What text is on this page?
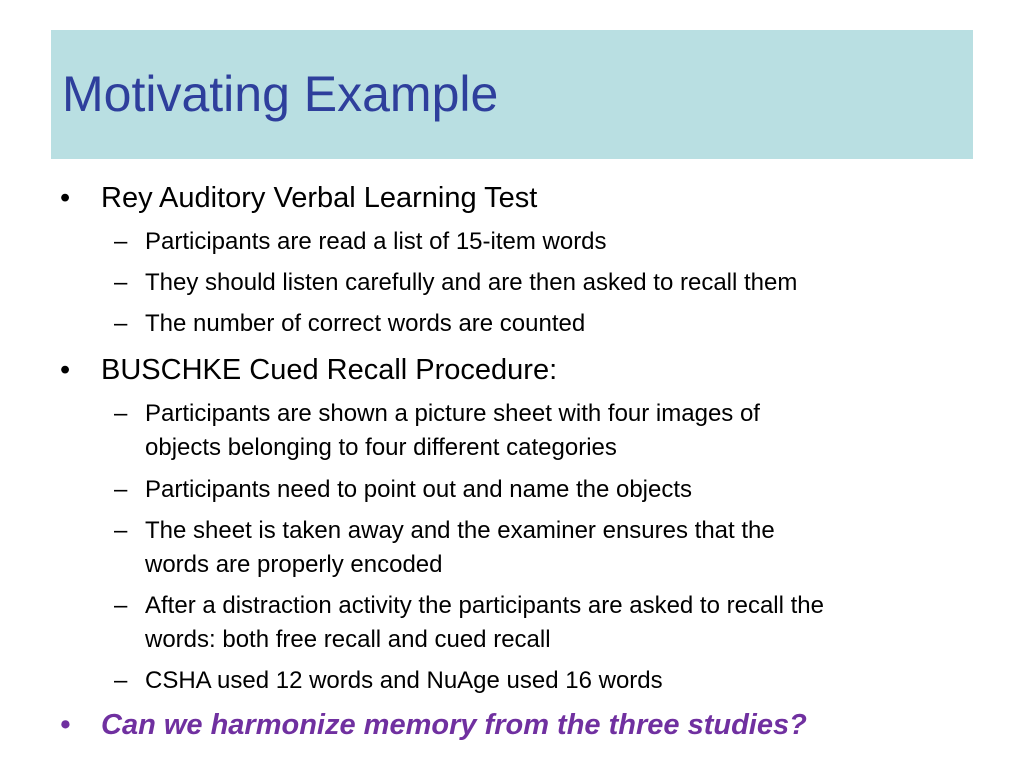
Motivating Example
•	Rey Auditory Verbal Learning Test
– Participants are read a list of 15-item words
– They should listen carefully and are then asked to recall them
– The number of correct words are counted
•	BUSCHKE Cued Recall Procedure:
– Participants are shown a picture sheet with four images of
objects belonging to four different categories
– Participants need to point out and name the objects
– The sheet is taken away and the examiner ensures that the
words are properly encoded
– After a distraction activity the participants are asked to recall the
words: both free recall and cued recall
– CSHA used 12 words and NuAge used 16 words
•	Can we harmonize memory from the three studies?
